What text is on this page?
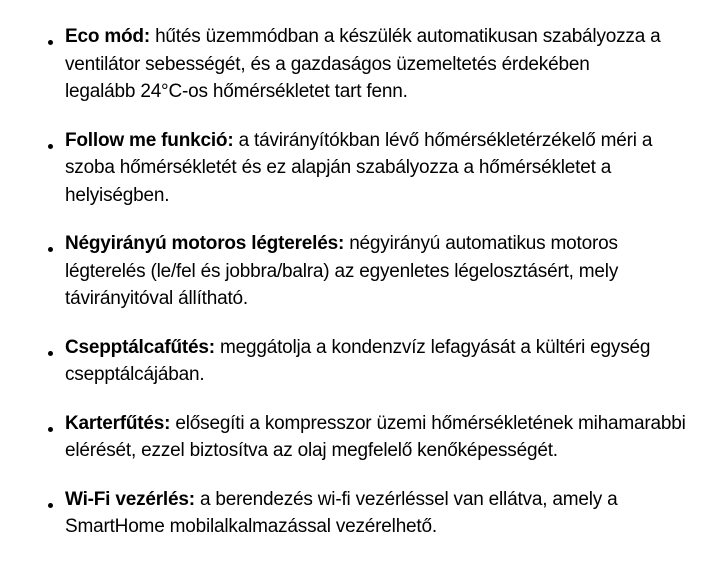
Eco mód: hűtés üzemmódban a készülék automatikusan szabályozza a
ventilátor sebességét, és a gazdaságos üzemeltetés érdekében
legalább 24°C-os hőmérsékletet tart fenn.
Follow me funkció: a távirányítókban lévő hőmérsékletérzékelő méri a
szoba hőmérsékletét és ez alapján szabályozza a hőmérsékletet a
helyiségben.
Négyirányú motoros légterelés: négyirányú automatikus motoros
légterelés (le/fel és jobbra/balra) az egyenletes légelosztásért, mely
távirányitóval állítható.
Csepptálcafűtés: meggátolja a kondenzvíz lefagyását a kültéri egység
csepptálcájában.
Karterfűtés: elősegíti a kompresszor üzemi hőmérsékletének mihamarabbi
elérését, ezzel biztosítva az olaj megfelelő kenőképességét.
Wi-Fi vezérlés: a berendezés wi-fi vezérléssel van ellátva, amely a
SmartHome mobilalkalmazással vezérelhető.
